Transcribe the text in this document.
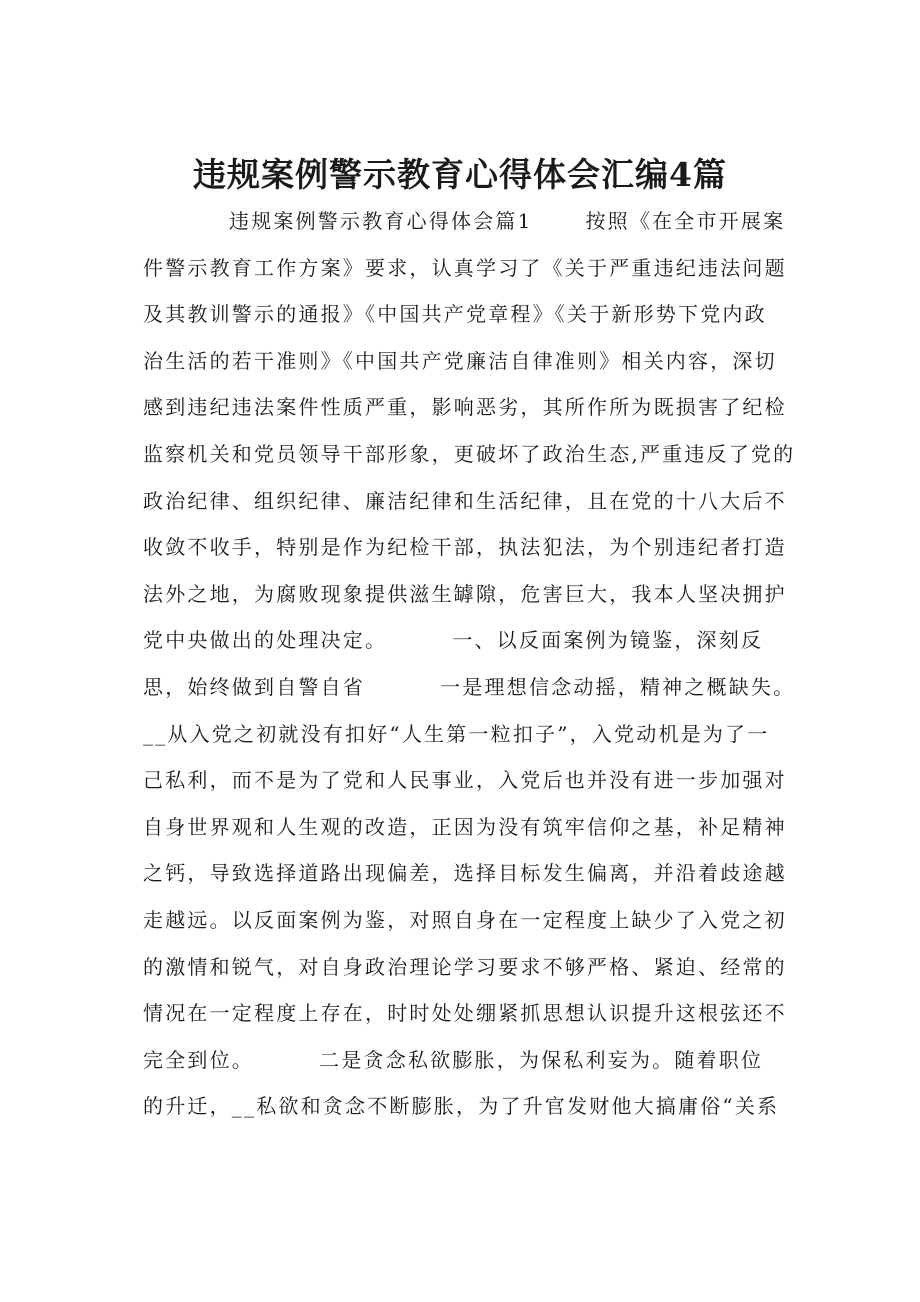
违规案例警示教育心得体会汇编4篇
违规案例警示教育心得体会篇1　　 按照《在全市开展案
件警示教育工作方案》要求，认真学习了《关于严重违纪违法问题
及其教训警示的通报》《中国共产党章程》《关于新形势下党内政
治生活的若干准则》《中国共产党廉洁自律准则》相关内容，深切
感到违纪违法案件性质严重，影响恶劣，其所作所为既损害了纪检
监察机关和党员领导干部形象，更破坏了政治生态,严重违反了党的
政治纪律、组织纪律、廉洁纪律和生活纪律，且在党的十八大后不
收敛不收手，特别是作为纪检干部，执法犯法，为个别违纪者打造
法外之地，为腐败现象提供滋生罅隙，危害巨大，我本人坚决拥护
党中央做出的处理决定。　　　 一、以反面案例为镜鉴，深刻反
思，始终做到自警自省　　　 一是理想信念动摇，精神之概缺失。
__从入党之初就没有扣好“人生第一粒扣子”，入党动机是为了一
己私利，而不是为了党和人民事业，入党后也并没有进一步加强对
自身世界观和人生观的改造，正因为没有筑牢信仰之基，补足精神
之钙，导致选择道路出现偏差，选择目标发生偏离，并沿着歧途越
走越远。以反面案例为鉴，对照自身在一定程度上缺少了入党之初
的激情和锐气，对自身政治理论学习要求不够严格、紧迫、经常的
情况在一定程度上存在，时时处处绷紧抓思想认识提升这根弦还不
完全到位。　　　 二是贪念私欲膨胀，为保私利妄为。随着职位
的升迁，__私欲和贪念不断膨胀，为了升官发财他大搞庸俗“关系
